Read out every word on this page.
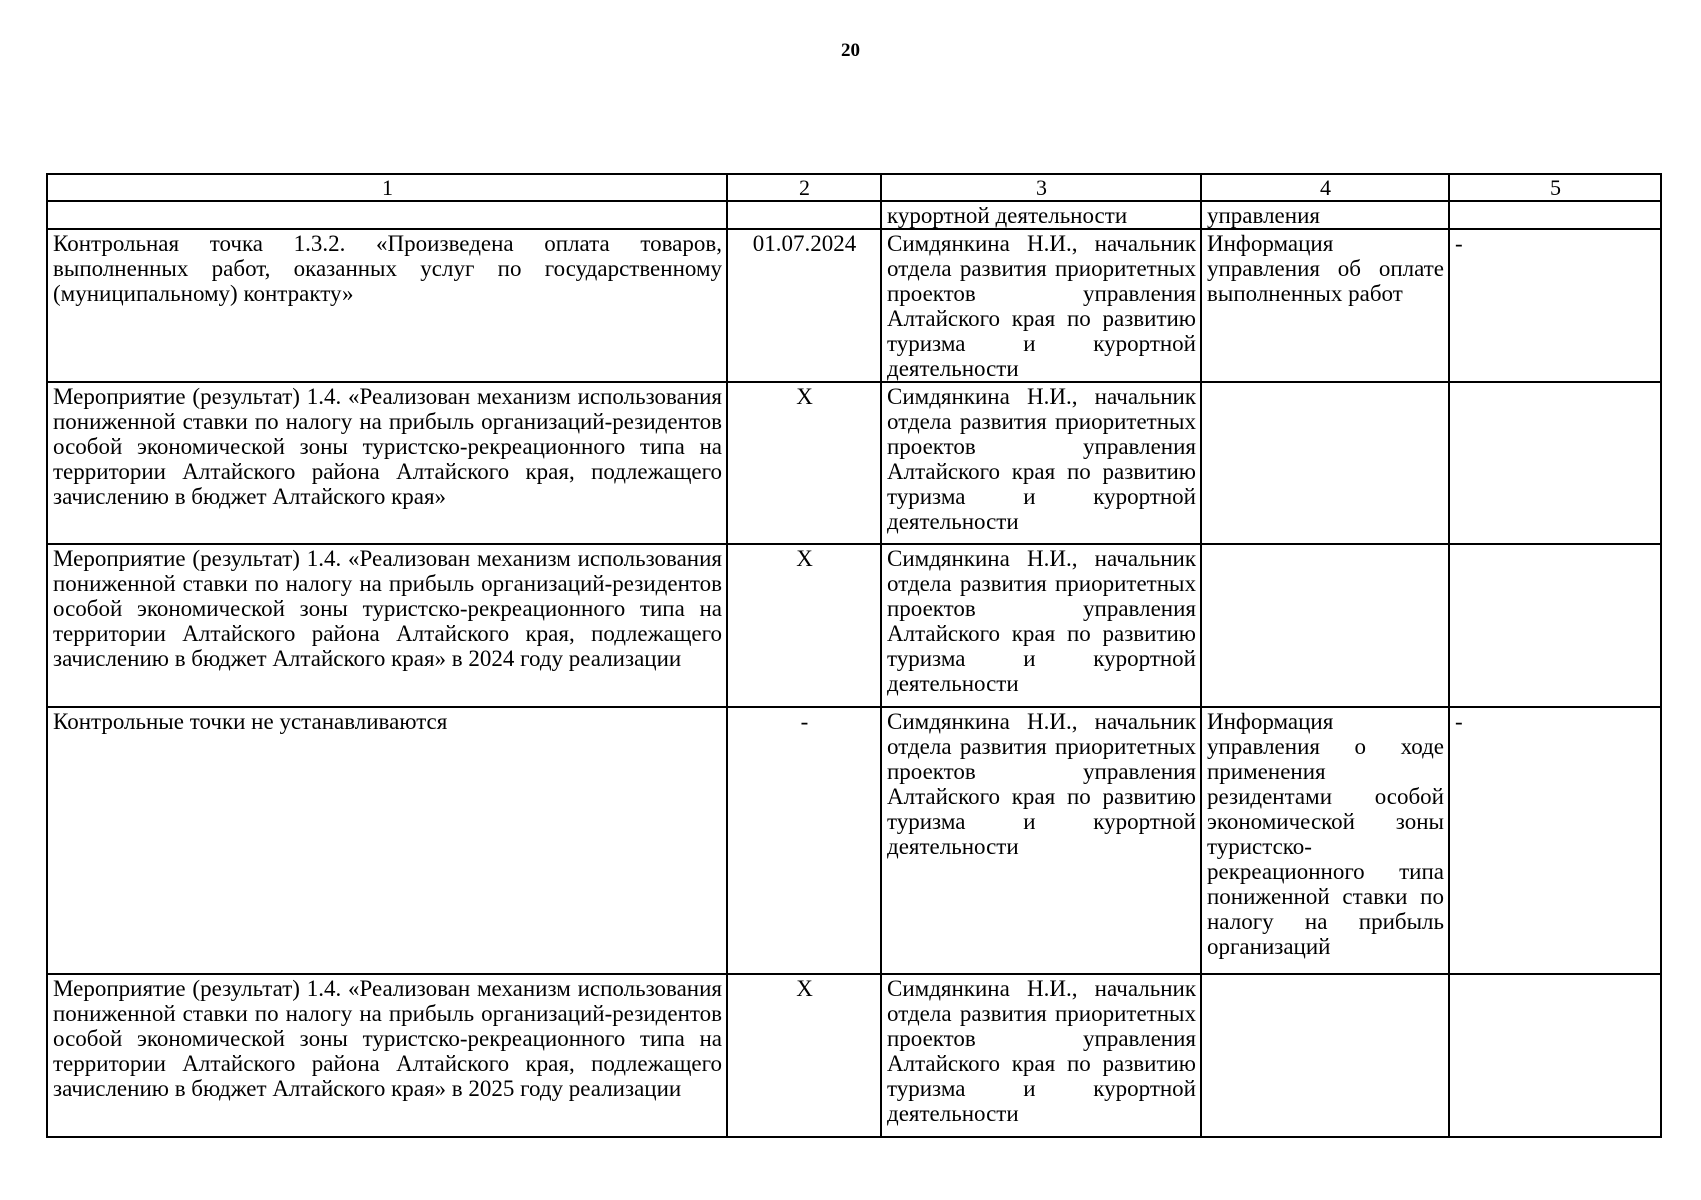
20
1	2	3	4	5
		курортной деятельности	управления	
Контрольная точка 1.3.2. «Произведена оплата товаров, выполненных работ, оказанных услуг по государственному (муниципальному) контракту»	01.07.2024	Симдянкина Н.И., начальник отдела развития приоритетных проектов управления Алтайского края по развитию туризма и курортной деятельности	Информация управления об оплате выполненных работ	-
Мероприятие (результат) 1.4. «Реализован механизм использования пониженной ставки по налогу на прибыль организаций-резидентов особой экономической зоны туристско-рекреационного типа на территории Алтайского района Алтайского края, подлежащего зачислению в бюджет Алтайского края»	X	Симдянкина Н.И., начальник отдела развития приоритетных проектов управления Алтайского края по развитию туризма и курортной деятельности		
Мероприятие (результат) 1.4. «Реализован механизм использования пониженной ставки по налогу на прибыль организаций-резидентов особой экономической зоны туристско-рекреационного типа на территории Алтайского района Алтайского края, подлежащего зачислению в бюджет Алтайского края» в 2024 году реализации	X	Симдянкина Н.И., начальник отдела развития приоритетных проектов управления Алтайского края по развитию туризма и курортной деятельности		
Контрольные точки не устанавливаются	-	Симдянкина Н.И., начальник отдела развития приоритетных проектов управления Алтайского края по развитию туризма и курортной деятельности	Информация управления о ходе применения резидентами особой экономической зоны туристско-рекреационного типа пониженной ставки по налогу на прибыль организаций	-
Мероприятие (результат) 1.4. «Реализован механизм использования пониженной ставки по налогу на прибыль организаций-резидентов особой экономической зоны туристско-рекреационного типа на территории Алтайского района Алтайского края, подлежащего зачислению в бюджет Алтайского края» в 2025 году реализации	X	Симдянкина Н.И., начальник отдела развития приоритетных проектов управления Алтайского края по развитию туризма и курортной деятельности		
